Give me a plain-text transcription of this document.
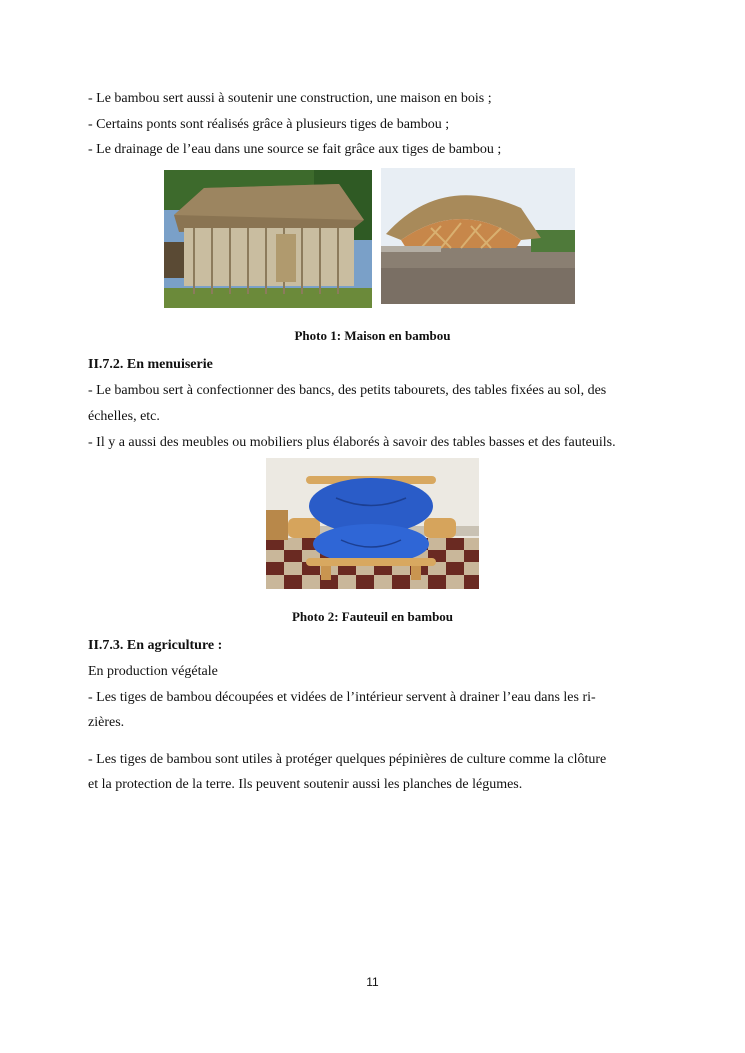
- Le bambou sert aussi à soutenir une construction, une maison en bois ;
- Certains ponts sont réalisés grâce à plusieurs tiges de bambou ;
- Le drainage de l’eau dans une source se fait grâce aux tiges de bambou ;
Photo 1: Maison en bambou
II.7.2. En menuiserie
- Le bambou sert à confectionner des bancs, des petits tabourets, des tables fixées au sol, des
échelles, etc.
- Il y a aussi des meubles ou mobiliers plus élaborés à savoir des tables basses et des fauteuils.
Photo 2: Fauteuil en bambou
II.7.3. En agriculture :
En production végétale
- Les tiges de bambou découpées et vidées de l’intérieur servent à drainer l’eau dans les ri-
zières.
- Les tiges de bambou sont utiles à protéger quelques pépinières de culture comme la clôture
et la protection de la terre. Ils peuvent soutenir aussi les planches de légumes.
11
